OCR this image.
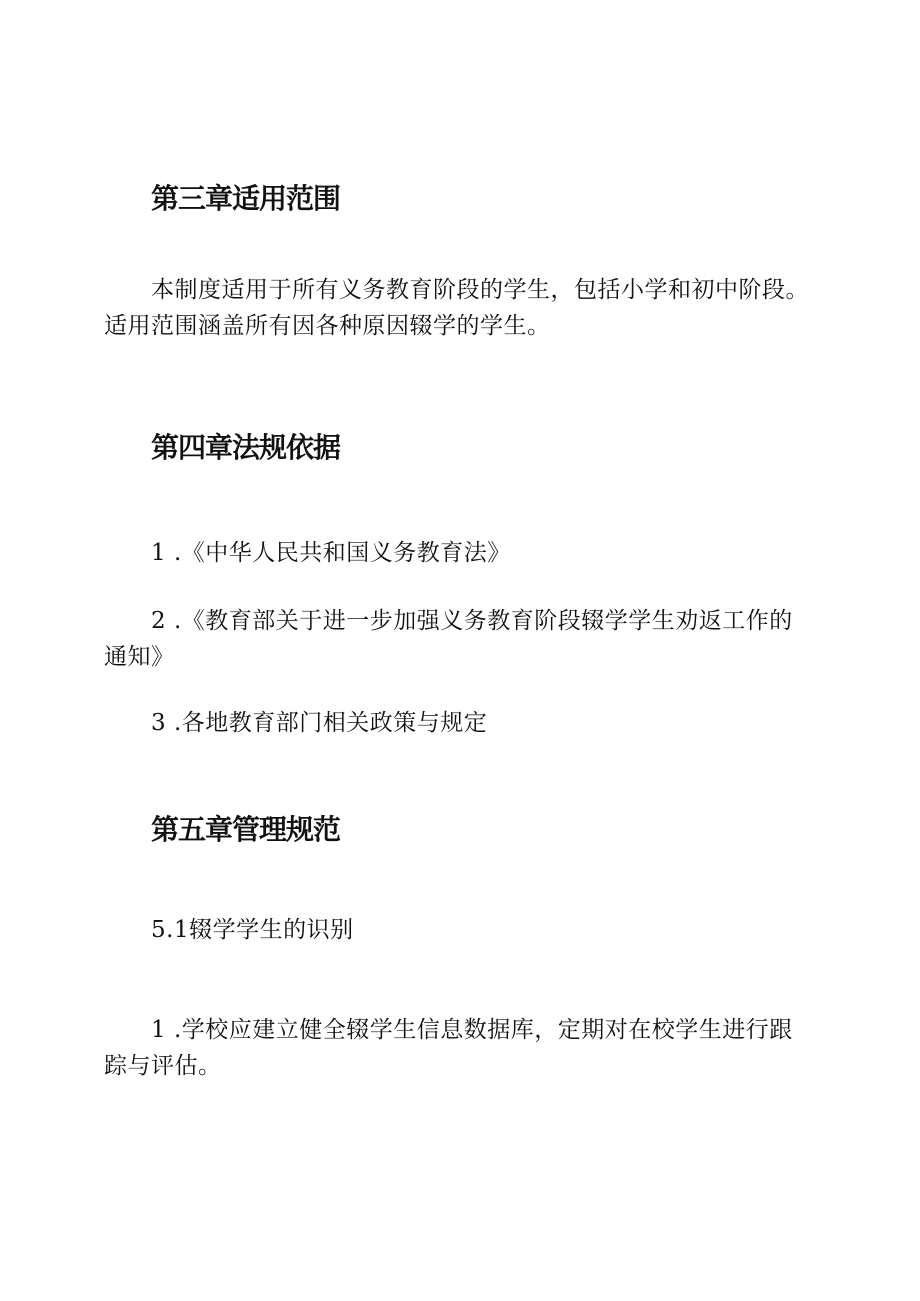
第三章适用范围

本制度适用于所有义务教育阶段的学生，包括小学和初中阶段。适用范围涵盖所有因各种原因辍学的学生。

第四章法规依据

1 .《中华人民共和国义务教育法》

2 .《教育部关于进一步加强义务教育阶段辍学学生劝返工作的通知》

3 .各地教育部门相关政策与规定

第五章管理规范

5.1辍学学生的识别

1 .学校应建立健全辍学生信息数据库，定期对在校学生进行跟踪与评估。
